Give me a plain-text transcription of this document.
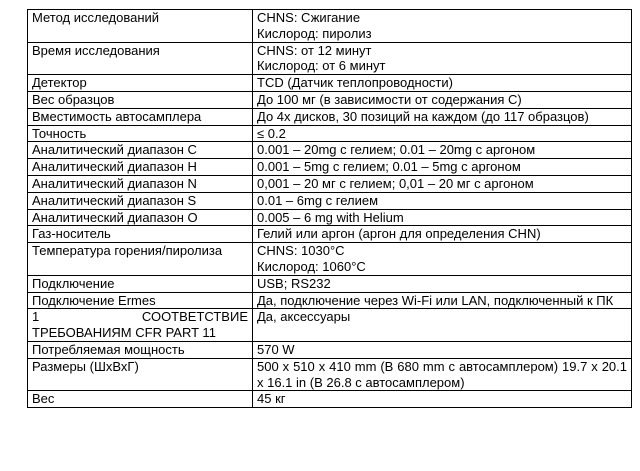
Метод исследований	CHNS: Сжигание
Кислород: пиролиз

Время исследования	CHNS: от 12 минут
Кислород: от 6 минут

Детектор	TCD (Датчик теплопроводности)

Вес образцов	До 100 мг (в зависимости от содержания С)

Вместимость автосамплера	До 4х дисков, 30 позиций на каждом (до 117 образцов)

Точность	≤ 0.2

Аналитический диапазон С	0.001 – 20mg с гелием; 0.01 – 20mg с аргоном

Аналитический диапазон H	0.001 – 5mg с гелием; 0.01 – 5mg с аргоном

Аналитический диапазон N	0,001 – 20 мг с гелием; 0,01 – 20 мг с аргоном

Аналитический диапазон S	0.01 – 6mg с гелием

Аналитический диапазон O	0.005 – 6 mg with Helium

Газ-носитель	Гелий или аргон (аргон для определения CHN)

Температура горения/пиролиза	CHNS: 1030°C
Кислород: 1060°C

Подключение	USB; RS232

Подключение Ermes	Да, подключение через Wi-Fi или LAN, подключенный к ПК

1 СООТВЕТСТВИЕ
ТРЕБОВАНИЯМ CFR PART 11	Да, аксессуары

Потребляемая мощность	570 W

Размеры (ШхВхГ)	500 x 510 x 410 mm (В 680 mm с автосамплером) 19.7 x 20.1 x 16.1 in (В 26.8 с автосамплером)

Вес	45 кг
